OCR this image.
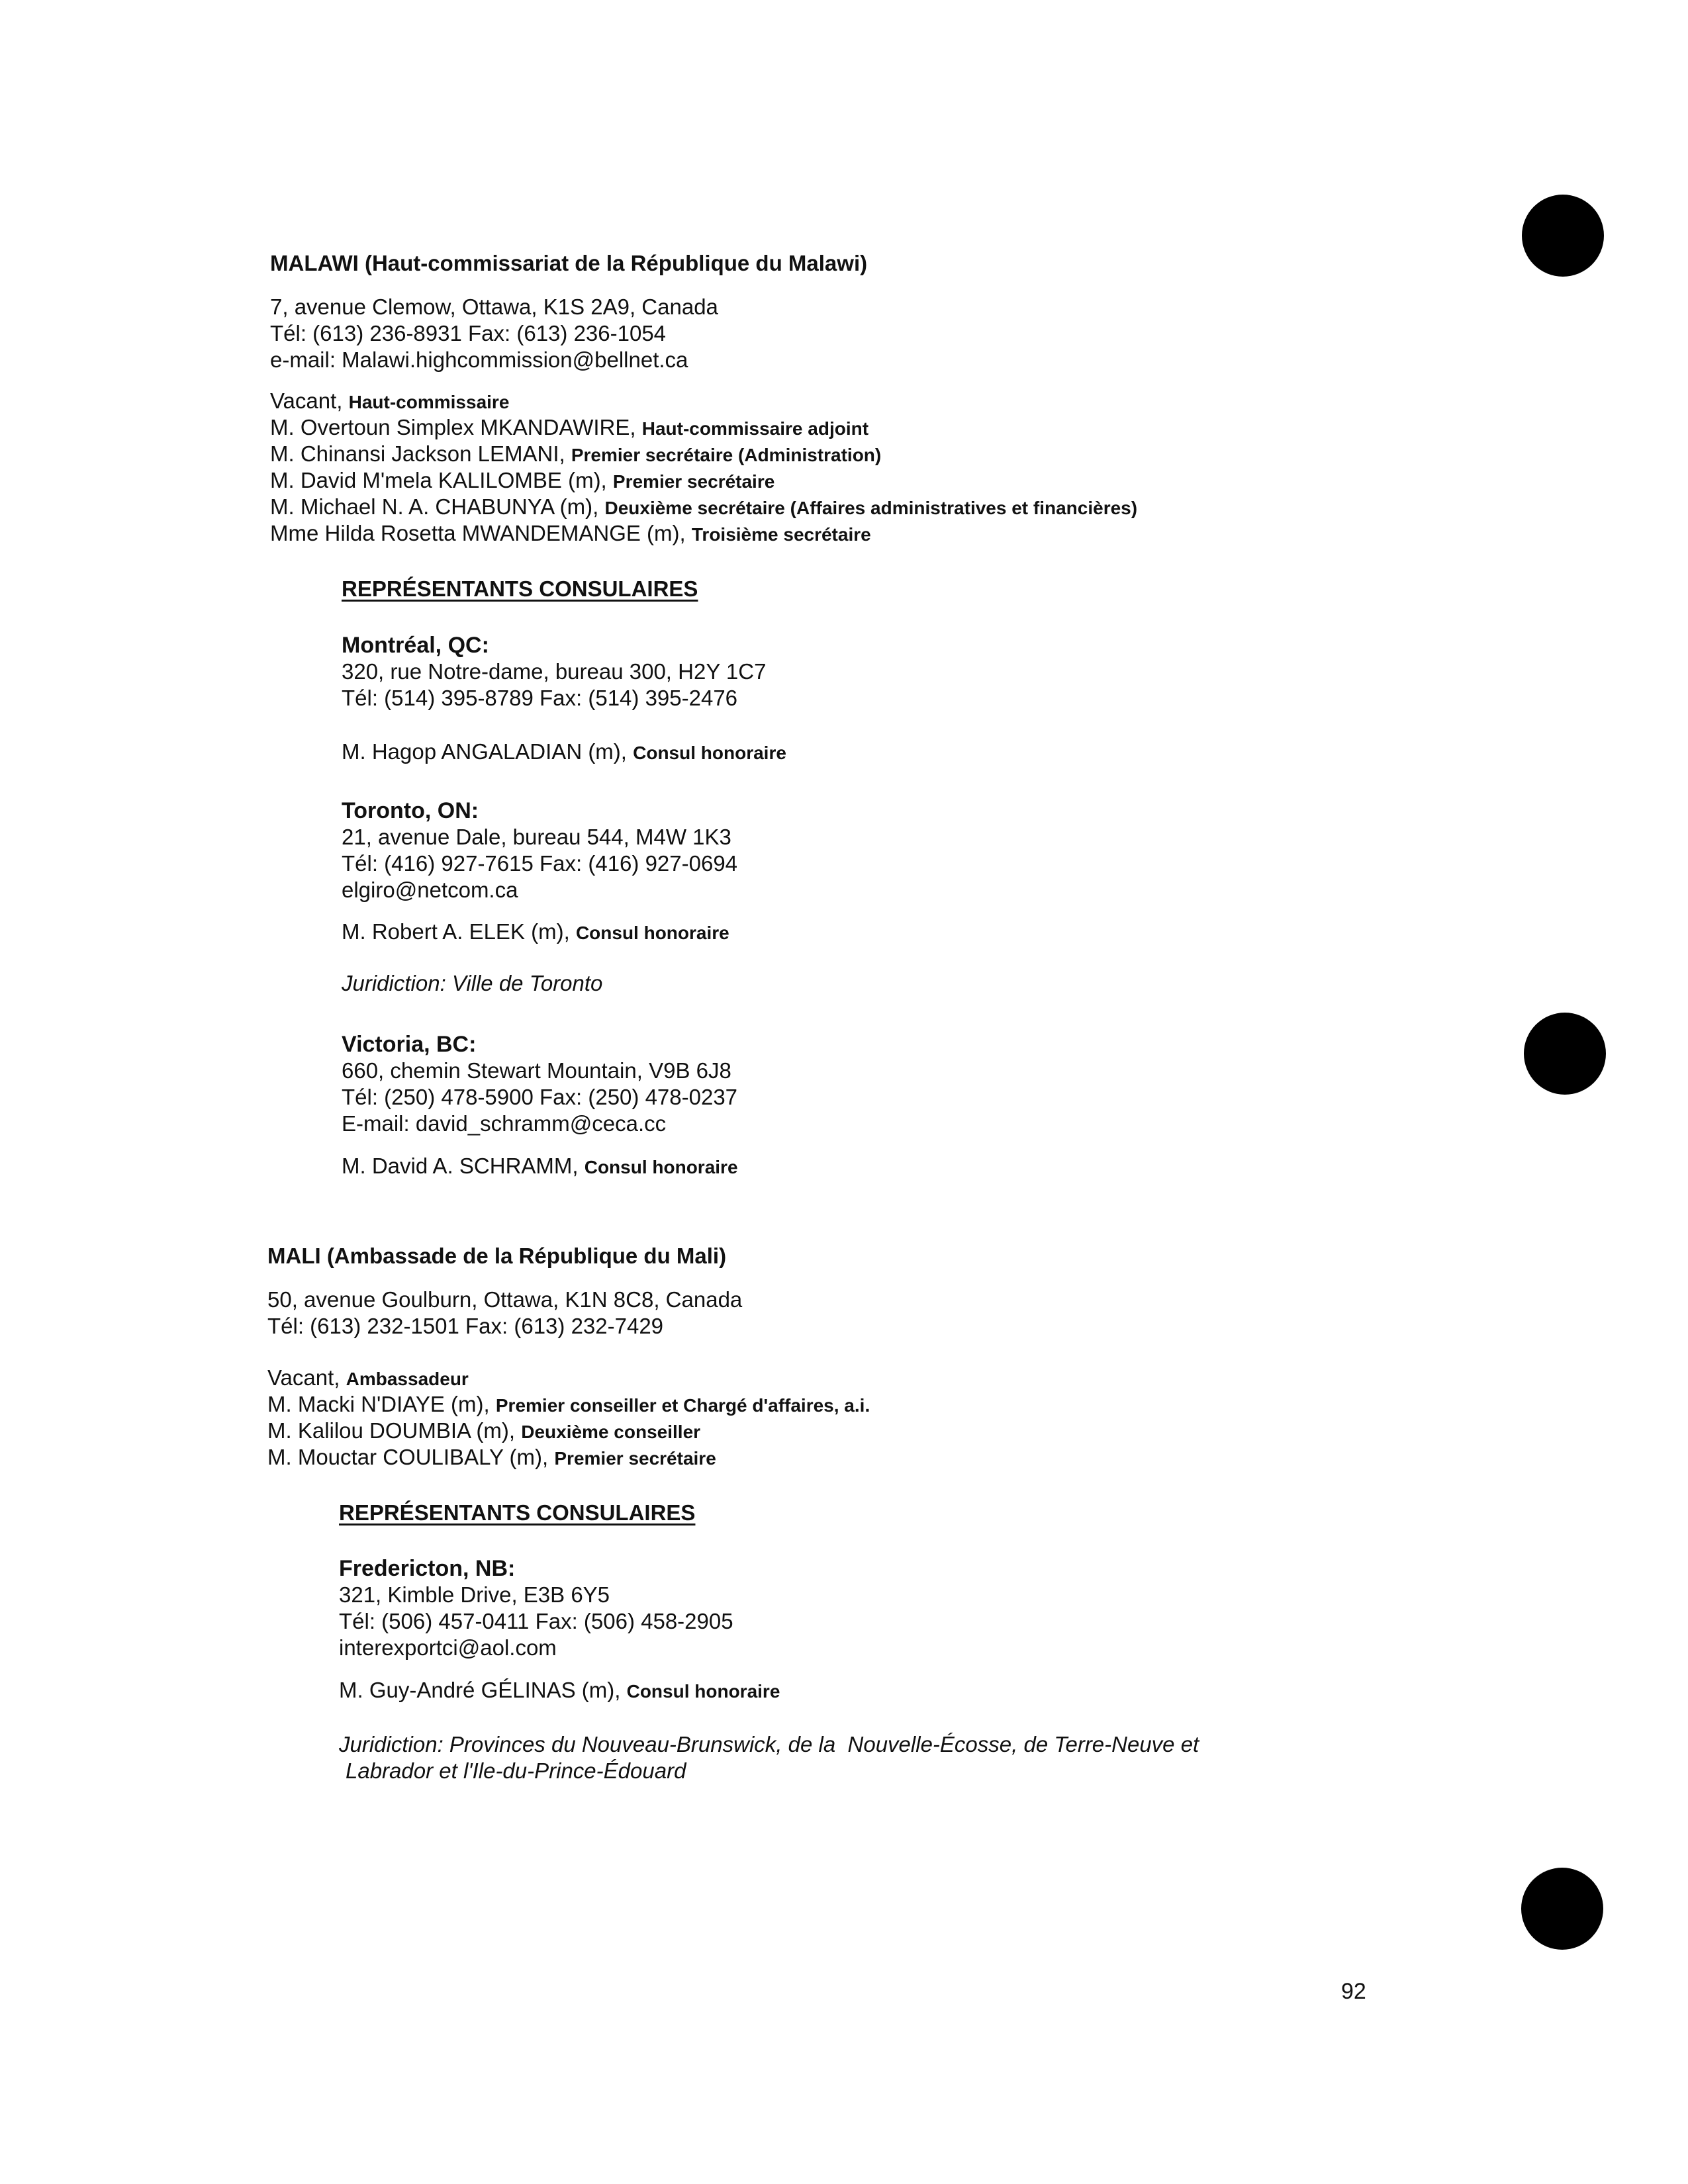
MALAWI (Haut-commissariat de la République du Malawi)
7, avenue Clemow, Ottawa, K1S 2A9, Canada
Tél: (613) 236-8931 Fax: (613) 236-1054
e-mail: Malawi.highcommission@bellnet.ca
Vacant, Haut-commissaire
M. Overtoun Simplex MKANDAWIRE, Haut-commissaire adjoint
M. Chinansi Jackson LEMANI, Premier secrétaire (Administration)
M. David M'mela KALILOMBE (m), Premier secrétaire
M. Michael N. A. CHABUNYA (m), Deuxième secrétaire (Affaires administratives et financières)
Mme Hilda Rosetta MWANDEMANGE (m), Troisième secrétaire
REPRÉSENTANTS CONSULAIRES
Montréal, QC:
320, rue Notre-dame, bureau 300, H2Y 1C7
Tél: (514) 395-8789 Fax: (514) 395-2476
M. Hagop ANGALADIAN (m), Consul honoraire
Toronto, ON:
21, avenue Dale, bureau 544, M4W 1K3
Tél: (416) 927-7615 Fax: (416) 927-0694
elgiro@netcom.ca
M. Robert A. ELEK (m), Consul honoraire
Juridiction: Ville de Toronto
Victoria, BC:
660, chemin Stewart Mountain, V9B 6J8
Tél: (250) 478-5900 Fax: (250) 478-0237
E-mail: david_schramm@ceca.cc
M. David A. SCHRAMM, Consul honoraire
MALI (Ambassade de la République du Mali)
50, avenue Goulburn, Ottawa, K1N 8C8, Canada
Tél: (613) 232-1501 Fax: (613) 232-7429
Vacant, Ambassadeur
M. Macki N'DIAYE (m), Premier conseiller et Chargé d'affaires, a.i.
M. Kalilou DOUMBIA (m), Deuxième conseiller
M. Mouctar COULIBALY (m), Premier secrétaire
REPRÉSENTANTS CONSULAIRES
Fredericton, NB:
321, Kimble Drive, E3B 6Y5
Tél: (506) 457-0411 Fax: (506) 458-2905
interexportci@aol.com
M. Guy-André GÉLINAS (m), Consul honoraire
Juridiction: Provinces du Nouveau-Brunswick, de la  Nouvelle-Écosse, de Terre-Neuve et
Labrador et l'Ile-du-Prince-Édouard
92
